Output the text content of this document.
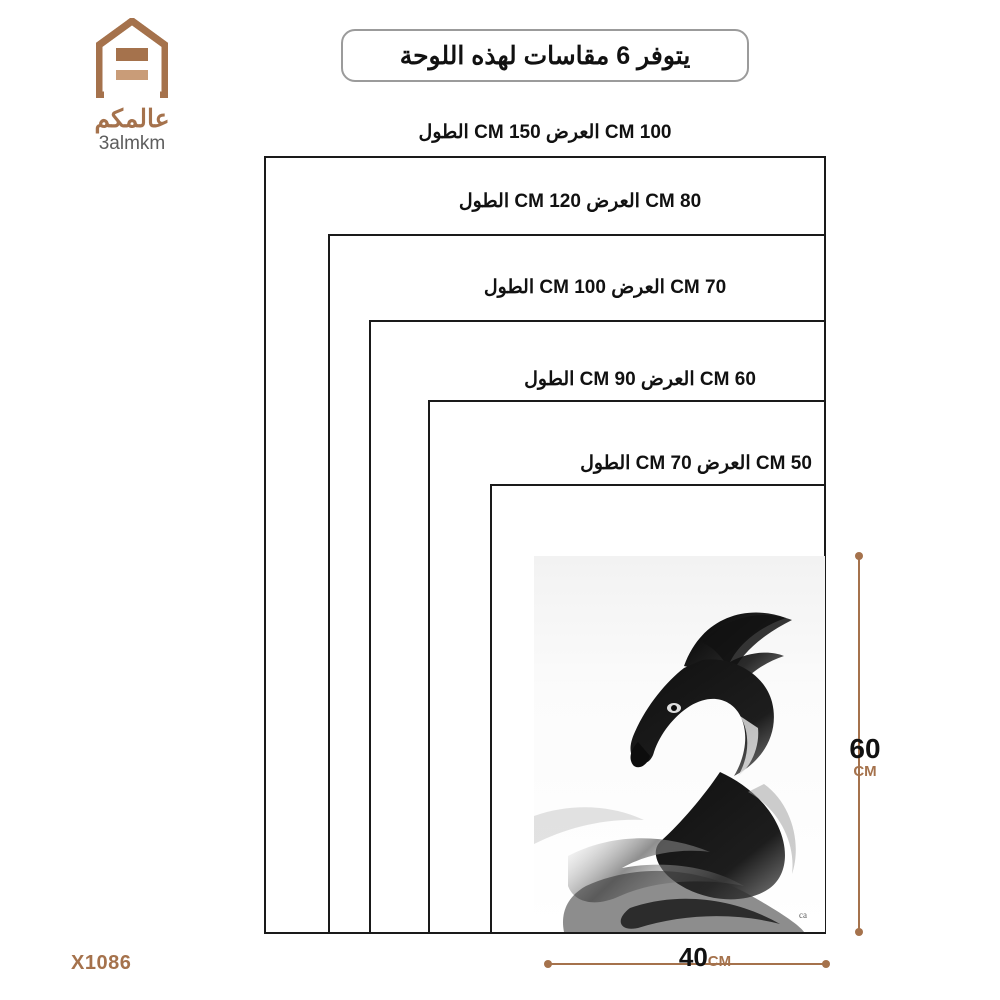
عالمكم
3almkm
يتوفر 6 مقاسات لهذه اللوحة
100 CM العرض 150 CM الطول
80 CM العرض 120 CM الطول
70 CM العرض 100 CM الطول
60 CM العرض 90 CM الطول
50 CM العرض 70 CM الطول
ca
60
CM
40CM
X1086
